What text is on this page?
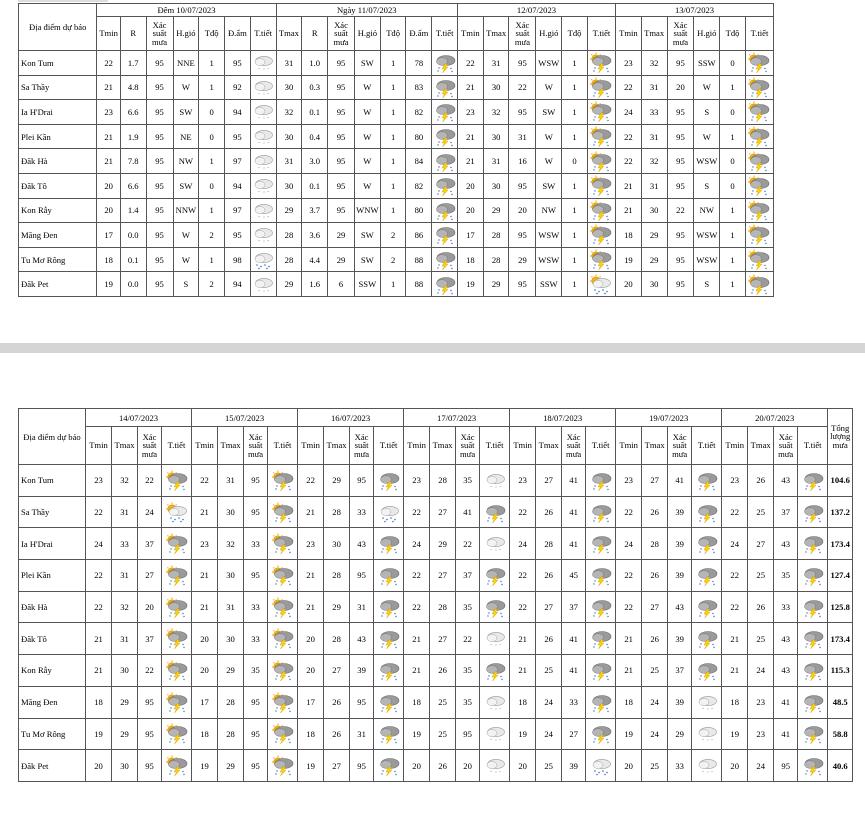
Địa điểm dự báo	Đêm 10/07/2023							Ngày 11/07/2023							12/07/2023						13/07/2023					
	Tmin	R	Xác suất mưa	H.gió	Tđộ	Đ.ẩm	T.tiết	Tmax	R	Xác suất mưa	H.gió	Tđộ	Đ.ẩm	T.tiết	Tmin	Tmax	Xác suất mưa	H.gió	Tđộ	T.tiết	Tmin	Tmax	Xác suất mưa	H.gió	Tđộ	T.tiết
Kon Tum	22	1.7	95	NNE	1	95		31	1.0	95	SW	1	78		22	31	95	WSW	1		23	32	95	SSW	0	

Sa Thầy	21	4.8	95	W	1	92		30	0.3	95	W	1	83		21	30	22	W	1		22	31	20	W	1	

Ia H'Drai	23	6.6	95	SW	0	94		32	0.1	95	W	1	82		23	32	95	SW	1		24	33	95	S	0	

Plei Kần	21	1.9	95	NE	0	95		30	0.4	95	W	1	80		21	30	31	W	1		22	31	95	W	1	

Đăk Hà	21	7.8	95	NW	1	97		31	3.0	95	W	1	84		21	31	16	W	0		22	32	95	WSW	0	

Đăk Tô	20	6.6	95	SW	0	94		30	0.1	95	W	1	82		20	30	95	SW	1		21	31	95	S	0	

Kon Rẫy	20	1.4	95	NNW	1	97		29	3.7	95	WNW	1	80		20	29	20	NW	1		21	30	22	NW	1	

Măng Đen	17	0.0	95	W	2	95		28	3.6	29	SW	2	86		17	28	95	WSW	1		18	29	95	WSW	1	

Tu Mơ Rông	18	0.1	95	W	1	98		28	4.4	29	SW	2	88		18	28	29	WSW	1		19	29	95	WSW	1	

Đăk Pet	19	0.0	95	S	2	94		29	1.6	6	SSW	1	88		19	29	95	SSW	1		20	30	95	S	1	
Địa điểm dự báo	14/07/2023				15/07/2023				16/07/2023				17/07/2023				18/07/2023				19/07/2023				20/07/2023				Tổng lượng mưa
	Tmin	Tmax	Xác suất mưa	T.tiết	Tmin	Tmax	Xác suất mưa	T.tiết	Tmin	Tmax	Xác suất mưa	T.tiết	Tmin	Tmax	Xác suất mưa	T.tiết	Tmin	Tmax	Xác suất mưa	T.tiết	Tmin	Tmax	Xác suất mưa	T.tiết	Tmin	Tmax	Xác suất mưa	T.tiết	
Kon Tum	23	32	22		22	31	95		22	29	95		23	28	35		23	27	41		23	27	41		23	26	43		104.6
Sa Thầy	22	31	24		21	30	95		21	28	33		22	27	41		22	26	41		22	26	39		22	25	37		137.2
Ia H'Drai	24	33	37		23	32	33		23	30	43		24	29	22		24	28	41		24	28	39		24	27	43		173.4
Plei Kần	22	31	27		21	30	95		21	28	95		22	27	37		22	26	45		22	26	39		22	25	35		127.4
Đăk Hà	22	32	20		21	31	33		21	29	31		22	28	35		22	27	37		22	27	43		22	26	33		125.8
Đăk Tô	21	31	37		20	30	33		20	28	43		21	27	22		21	26	41		21	26	39		21	25	43		173.4
Kon Rẫy	21	30	22		20	29	35		20	27	39		21	26	35		21	25	41		21	25	37		21	24	43		115.3
Măng Đen	18	29	95		17	28	95		17	26	95		18	25	35		18	24	33		18	24	39		18	23	41		48.5
Tu Mơ Rông	19	29	95		18	28	95		18	26	31		19	25	95		19	24	27		19	24	29		19	23	41		58.8
Đăk Pet	20	30	95		19	29	95		19	27	95		20	26	20		20	25	39		20	25	33		20	24	95		40.6
